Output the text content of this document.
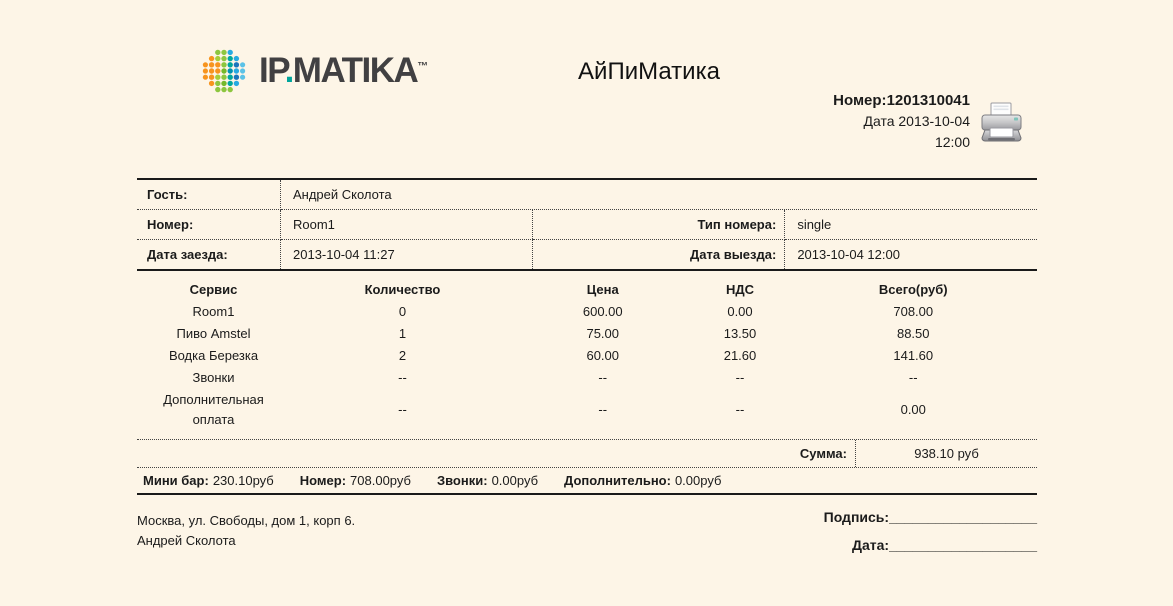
IP.MATIKA™	АйПиМатика
Номер:1201310041
Дата 2013-10-04
12:00
Гость:	Андрей Сколота		
Номер:	Room1	Тип номера:	single
Дата заезда:	2013-10-04 11:27	Дата выезда:	2013-10-04 12:00
Сервис	Количество	Цена	НДС	Всего(руб)
Room1	0	600.00	0.00	708.00
Пиво Amstel	1	75.00	13.50	88.50
Водка Березка	2	60.00	21.60	141.60
Звонки	--	--	--	--
Дополнительная оплата	--	--	--	0.00
Сумма:	938.10 руб
Мини бар: 230.10руб Номер: 708.00руб Звонки: 0.00руб Дополнительно: 0.00руб
Москва, ул. Свободы, дом 1, корп 6.
Андрей Сколота
Подпись:___________________
Дата:___________________
